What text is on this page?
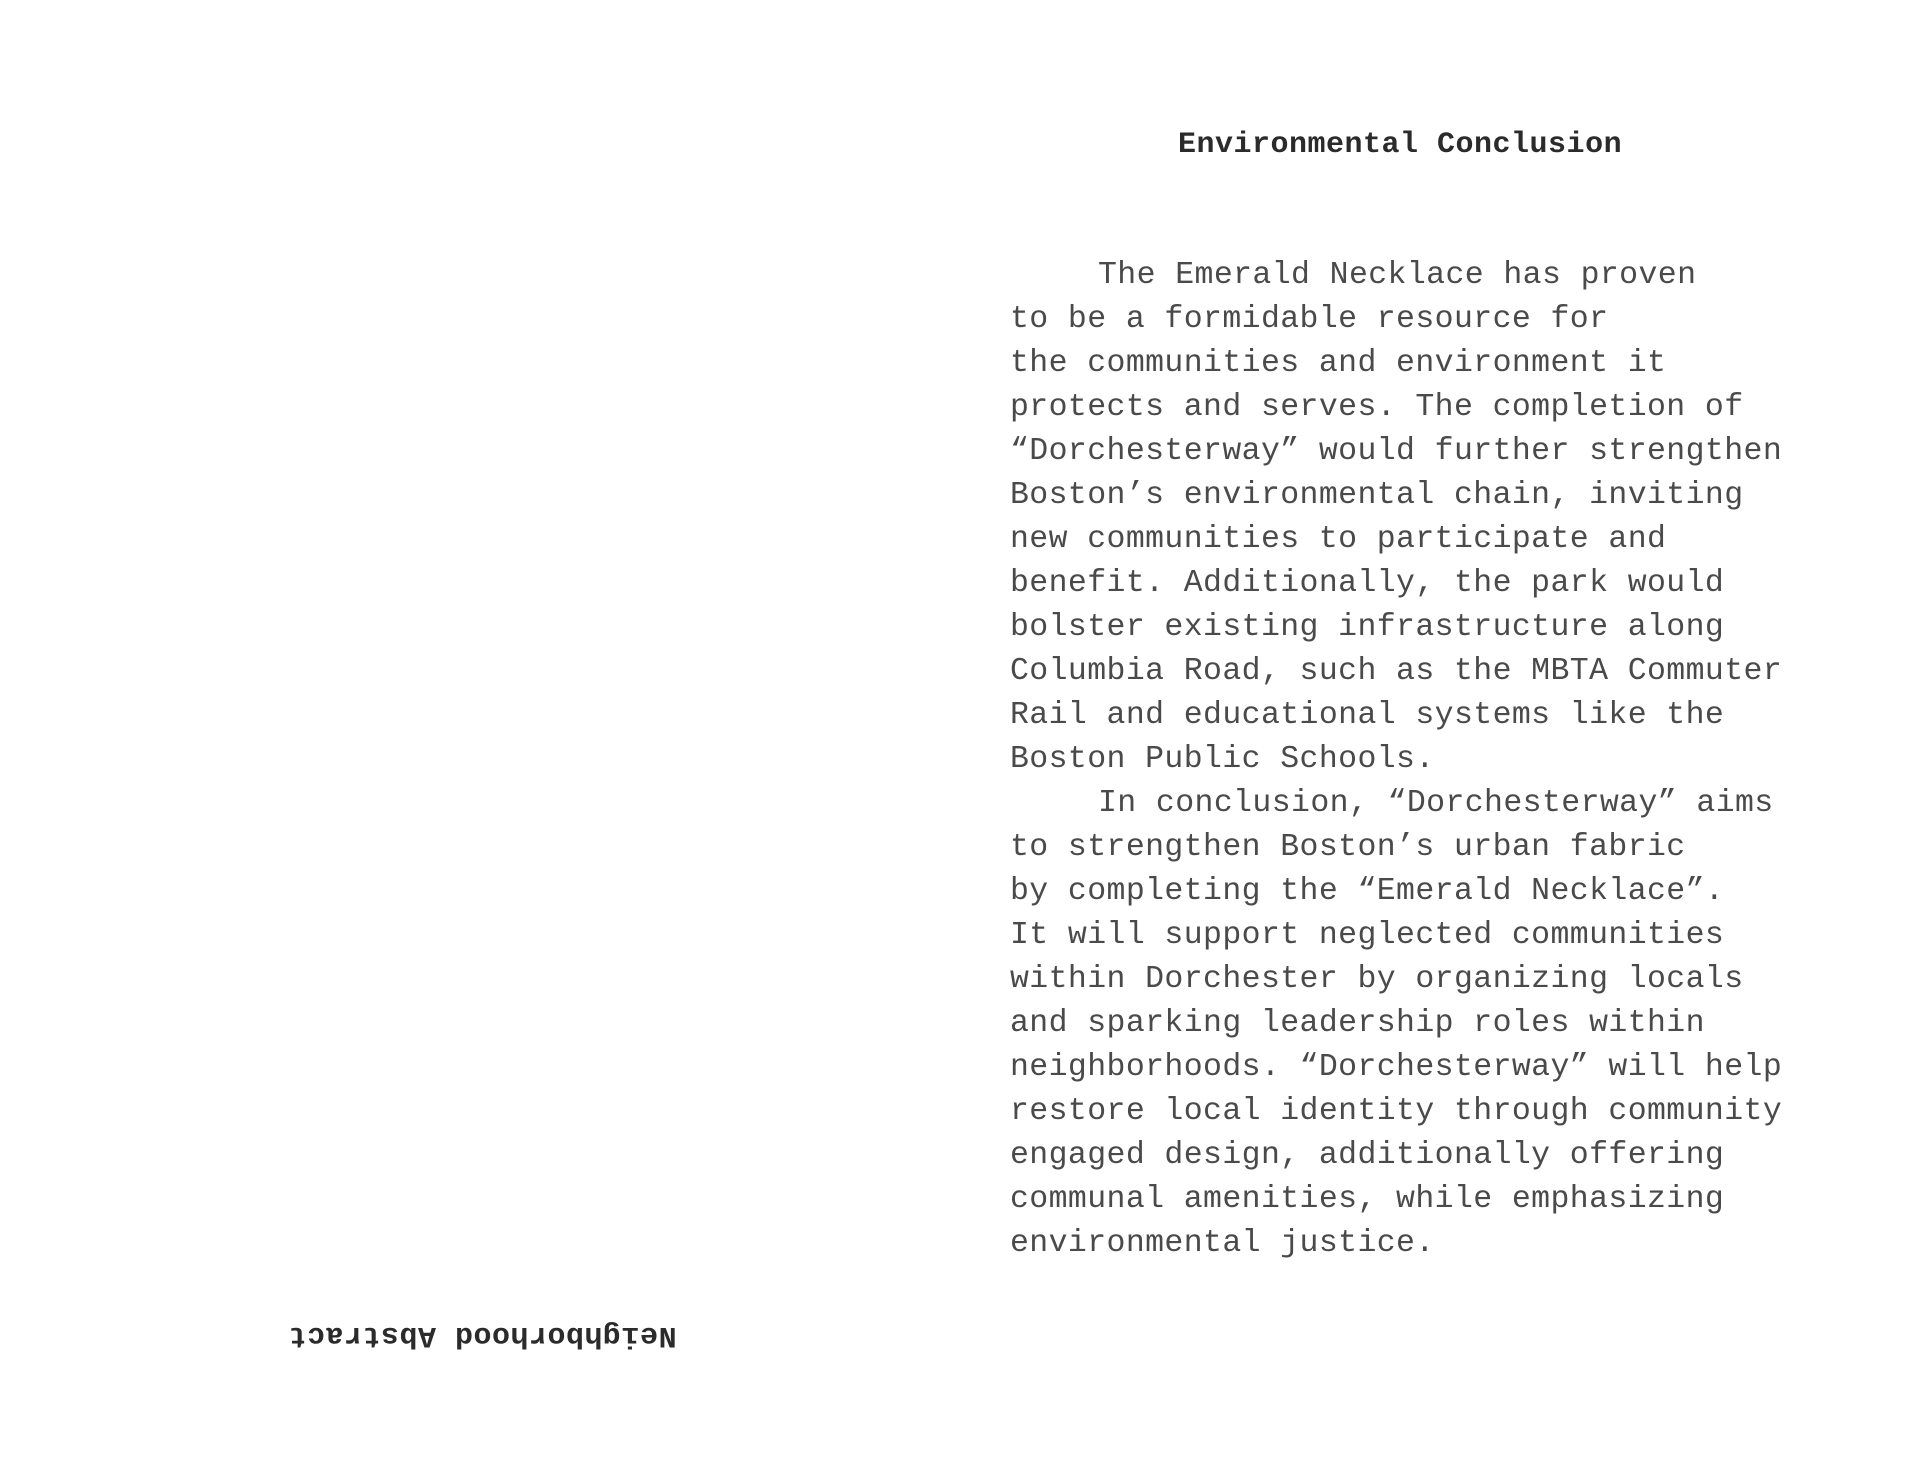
Neighborhood Abstract
Environmental Conclusion
The Emerald Necklace has proven
to be a formidable resource for
the communities and environment it
protects and serves. The completion of
“Dorchesterway” would further strengthen
Boston’s environmental chain, inviting
new communities to participate and
benefit. Additionally, the park would
bolster existing infrastructure along
Columbia Road, such as the MBTA Commuter
Rail and educational systems like the
Boston Public Schools.
In conclusion, “Dorchesterway” aims
to strengthen Boston’s urban fabric
by completing the “Emerald Necklace”.
It will support neglected communities
within Dorchester by organizing locals
and sparking leadership roles within
neighborhoods. “Dorchesterway” will help
restore local identity through community
engaged design, additionally offering
communal amenities, while emphasizing
environmental justice.
